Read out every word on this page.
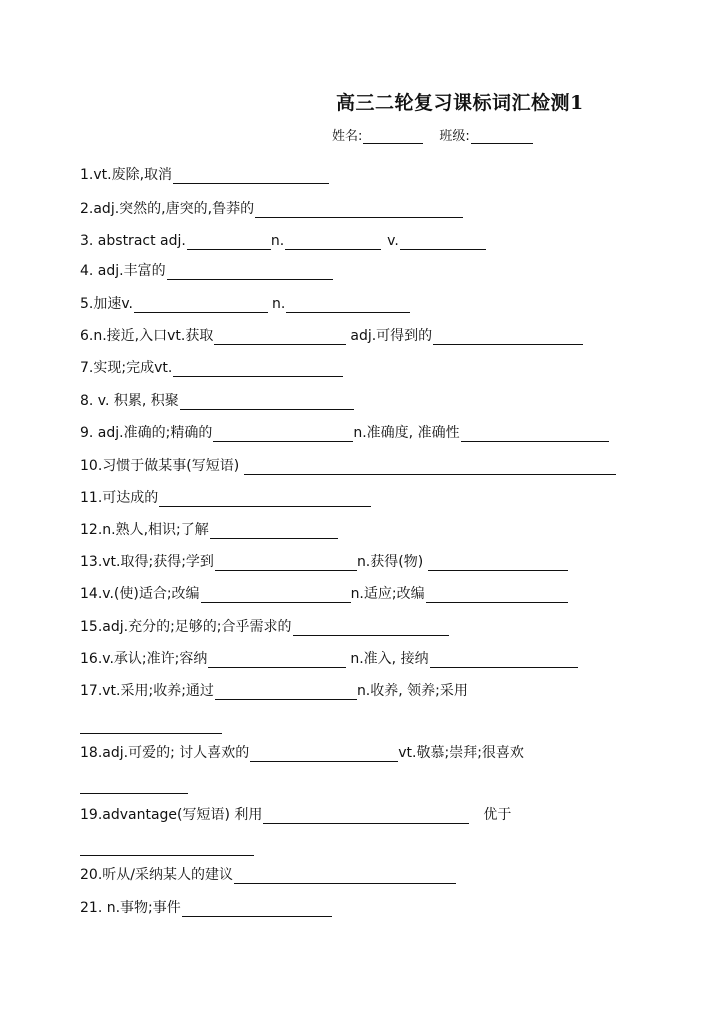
高三二轮复习课标词汇检测1
姓名:	班级:
1.vt.废除,取消
2.adj.突然的,唐突的,鲁莽的
3. abstract adj.	n.	v.
4. adj.丰富的
5.加速v.	n.
6.n.接近,入口vt.获取	adj.可得到的
7.实现;完成vt.
8. v. 积累, 积聚
9. adj.准确的;精确的	n.准确度, 准确性
10.习惯于做某事(写短语)
11.可达成的
12.n.熟人,相识;了解
13.vt.取得;获得;学到	n.获得(物)
14.v.(使)适合;改编	n.适应;改编
15.adj.充分的;足够的;合乎需求的
16.v.承认;准许;容纳	n.准入, 接纳
17.vt.采用;收养;通过	n.收养, 领养;采用
18.adj.可爱的; 讨人喜欢的	vt.敬慕;崇拜;很喜欢
19.advantage(写短语) 利用	优于
20.听从/采纳某人的建议
21. n.事物;事件
